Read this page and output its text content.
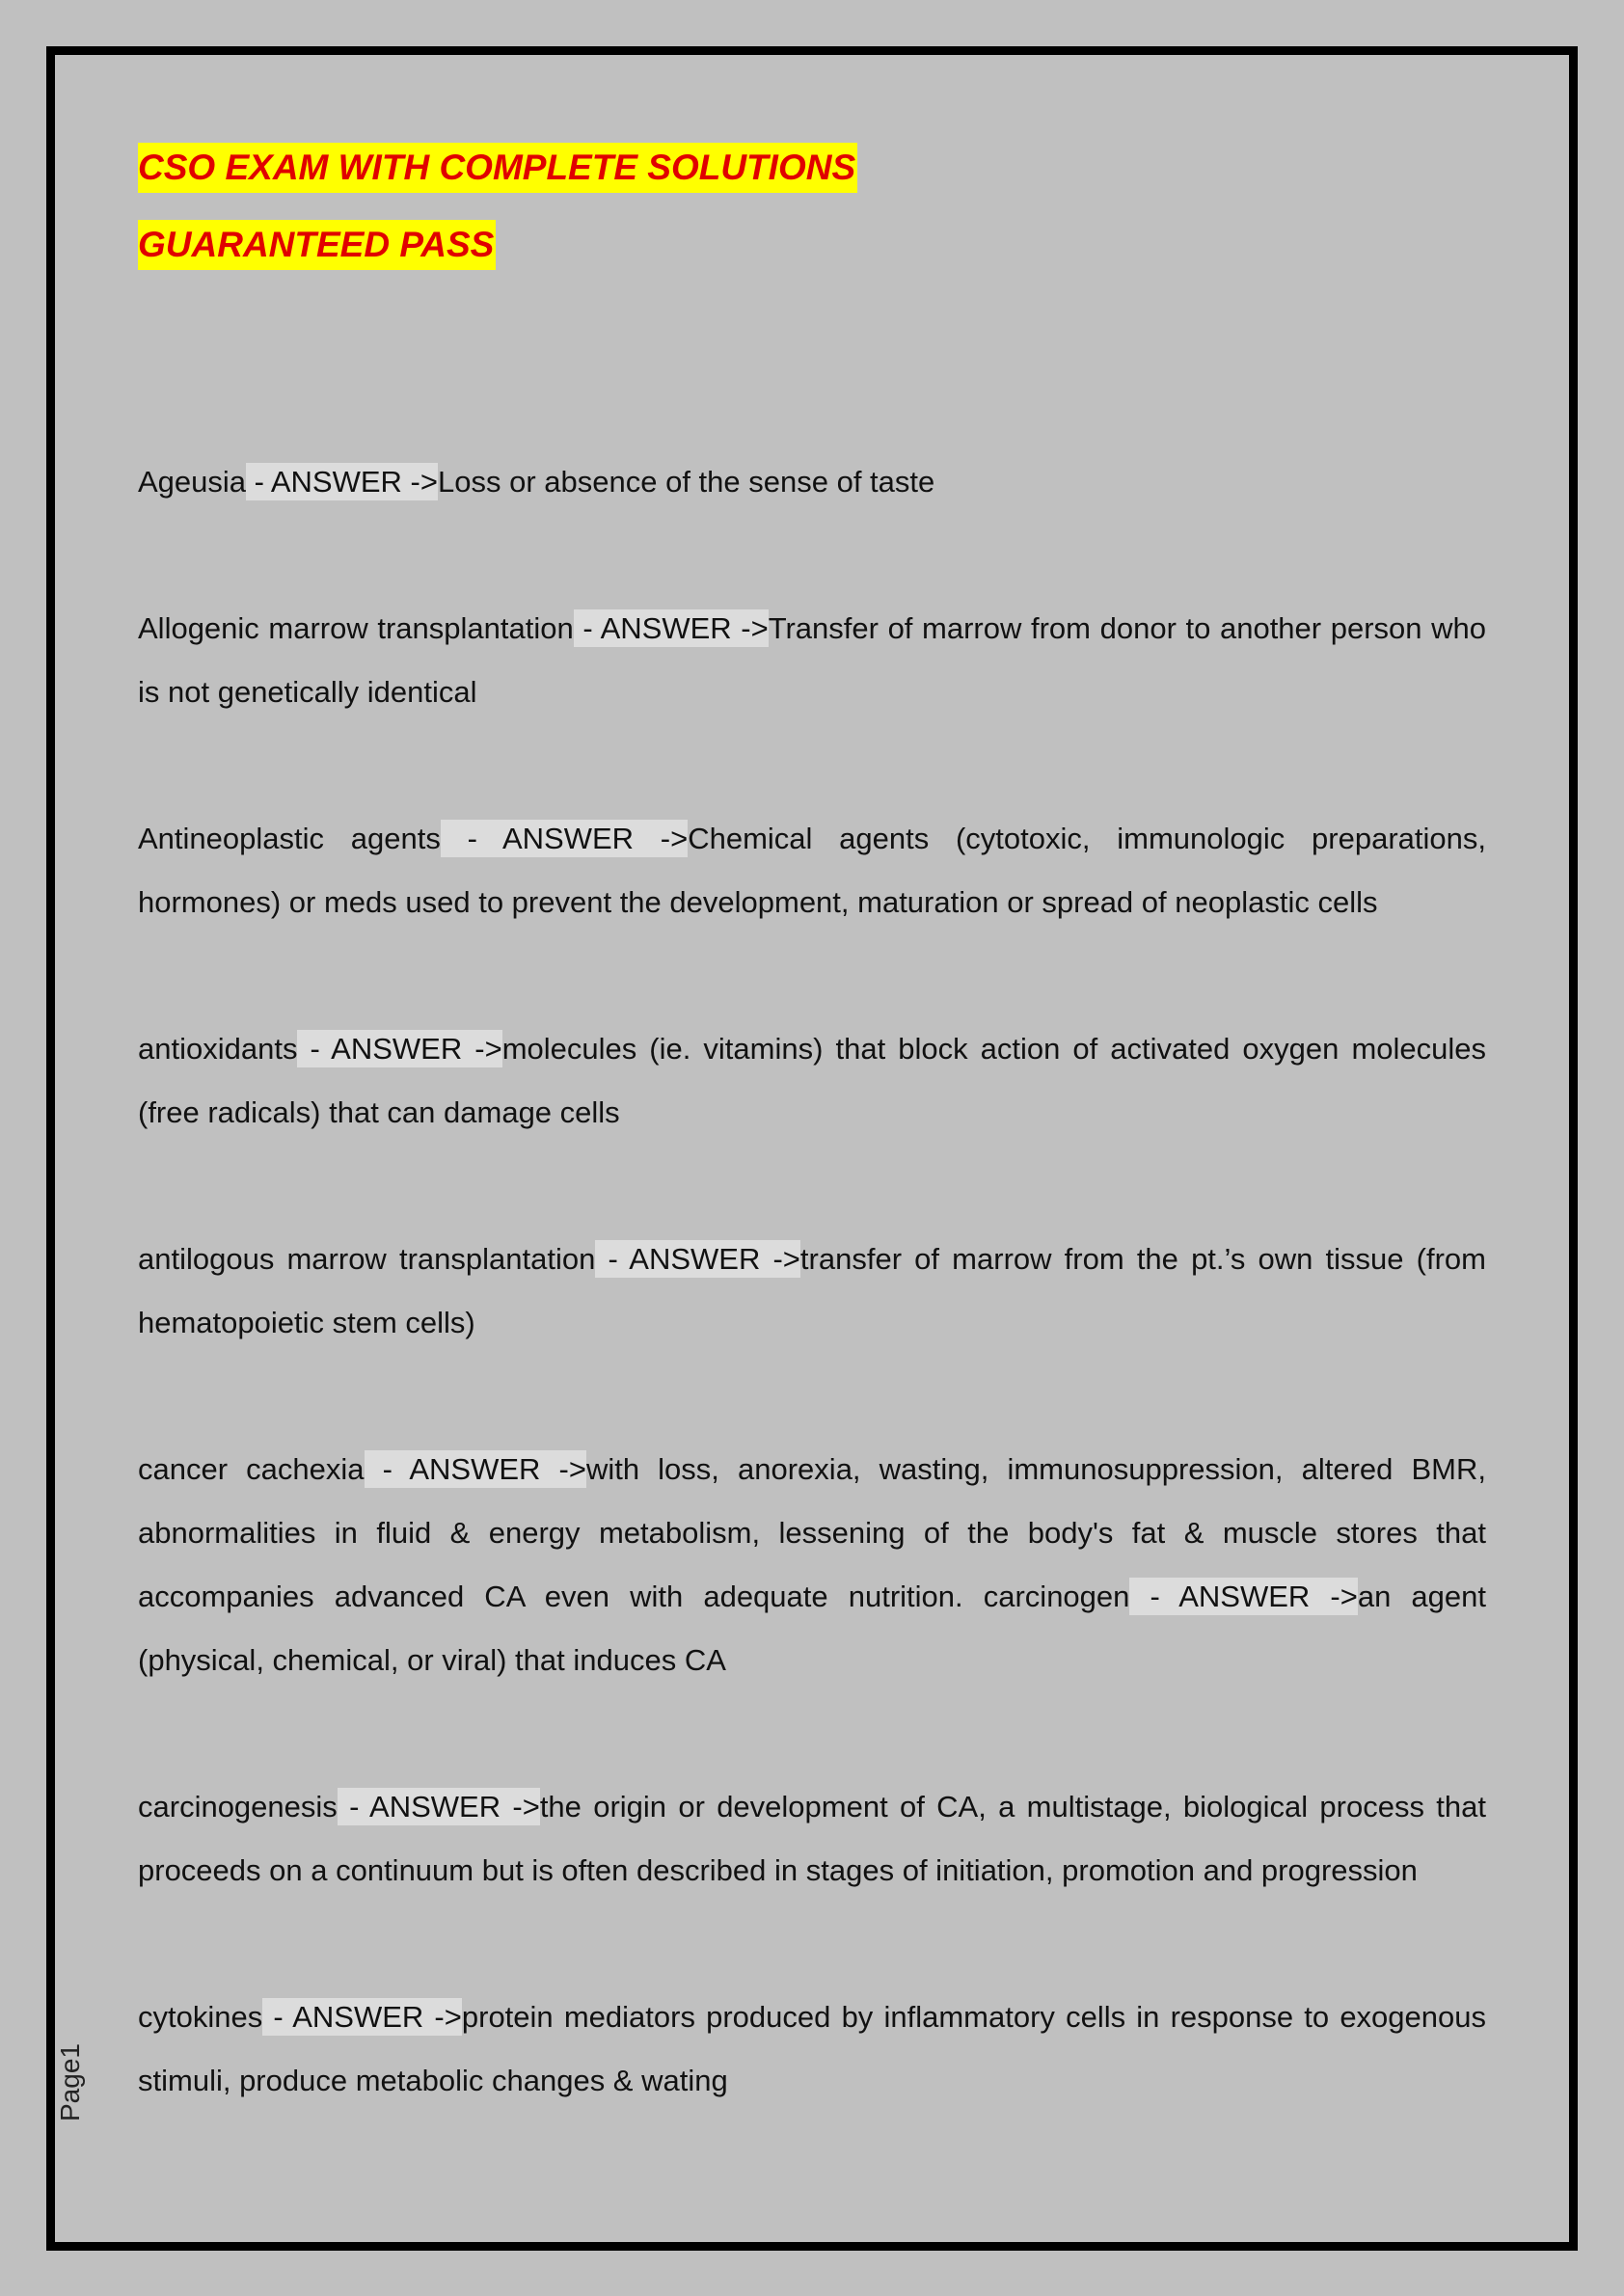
CSO EXAM WITH COMPLETE SOLUTIONS
GUARANTEED PASS

Ageusia - ANSWER ->Loss or absence of the sense of taste

Allogenic marrow transplantation - ANSWER ->Transfer of marrow from donor to another person who is not genetically identical

Antineoplastic agents - ANSWER ->Chemical agents (cytotoxic, immunologic preparations, hormones) or meds used to prevent the development, maturation or spread of neoplastic cells

antioxidants - ANSWER ->molecules (ie. vitamins) that block action of activated oxygen molecules (free radicals) that can damage cells

antilogous marrow transplantation - ANSWER ->transfer of marrow from the pt.’s own tissue (from hematopoietic stem cells)

cancer cachexia - ANSWER ->with loss, anorexia, wasting, immunosuppression, altered BMR, abnormalities in fluid & energy metabolism, lessening of the body's fat & muscle stores that accompanies advanced CA even with adequate nutrition. carcinogen - ANSWER ->an agent (physical, chemical, or viral) that induces CA

carcinogenesis - ANSWER ->the origin or development of CA, a multistage, biological process that proceeds on a continuum but is often described in stages of initiation, promotion and progression

cytokines - ANSWER ->protein mediators produced by inflammatory cells in response to exogenous stimuli, produce metabolic changes & wating

Page1
